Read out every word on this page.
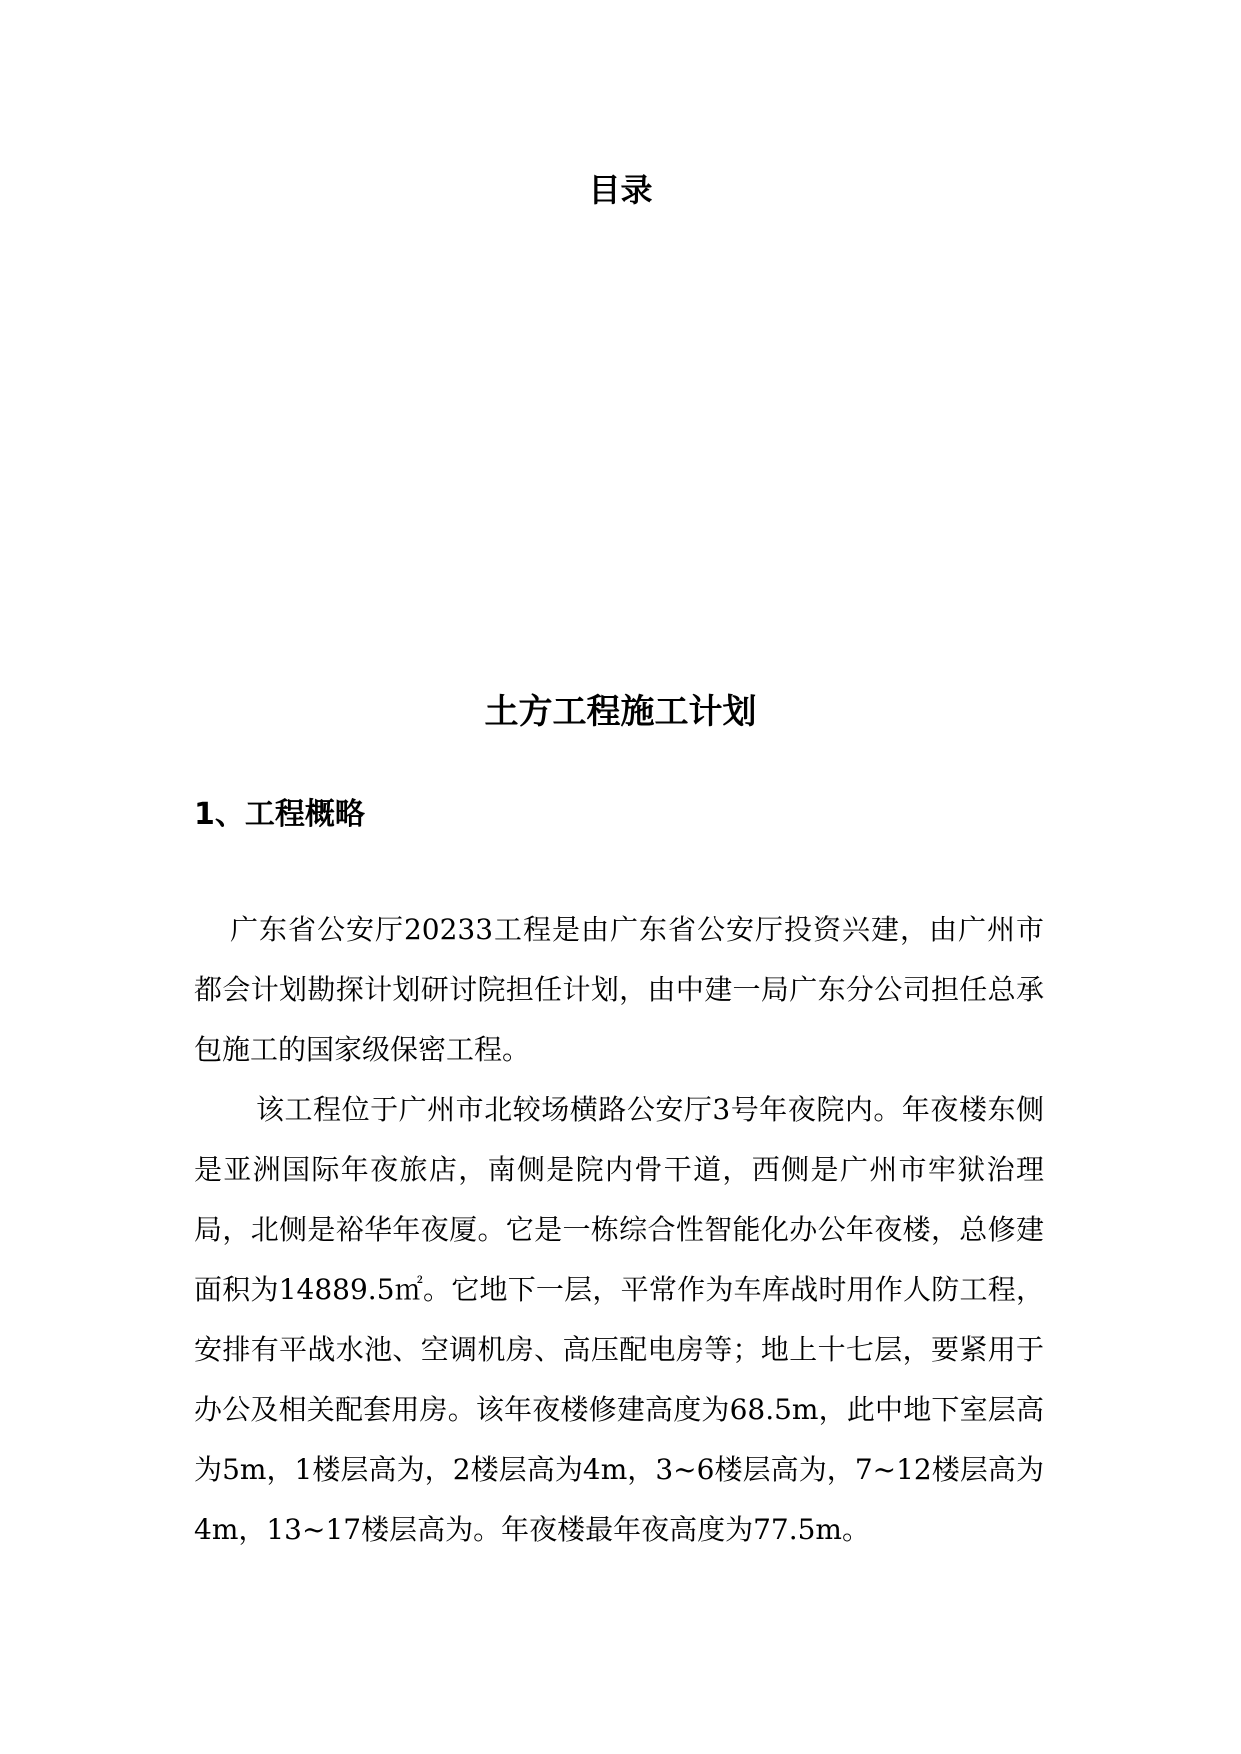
目录
土方工程施工计划
1、工程概略

广东省公安厅20233工程是由广东省公安厅投资兴建，由广州市都会计划勘探计划研讨院担任计划，由中建一局广东分公司担任总承包施工的国家级保密工程。

该工程位于广州市北较场横路公安厅3号年夜院内。年夜楼东侧是亚洲国际年夜旅店，南侧是院内骨干道，西侧是广州市牢狱治理局，北侧是裕华年夜厦。它是一栋综合性智能化办公年夜楼，总修建面积为14889.5㎡。它地下一层，平常作为车库战时用作人防工程，安排有平战水池、空调机房、高压配电房等；地上十七层，要紧用于办公及相关配套用房。该年夜楼修建高度为68.5m，此中地下室层高为5m，1楼层高为，2楼层高为4m，3~6楼层高为，7~12楼层高为4m，13~17楼层高为。年夜楼最年夜高度为77.5m。
